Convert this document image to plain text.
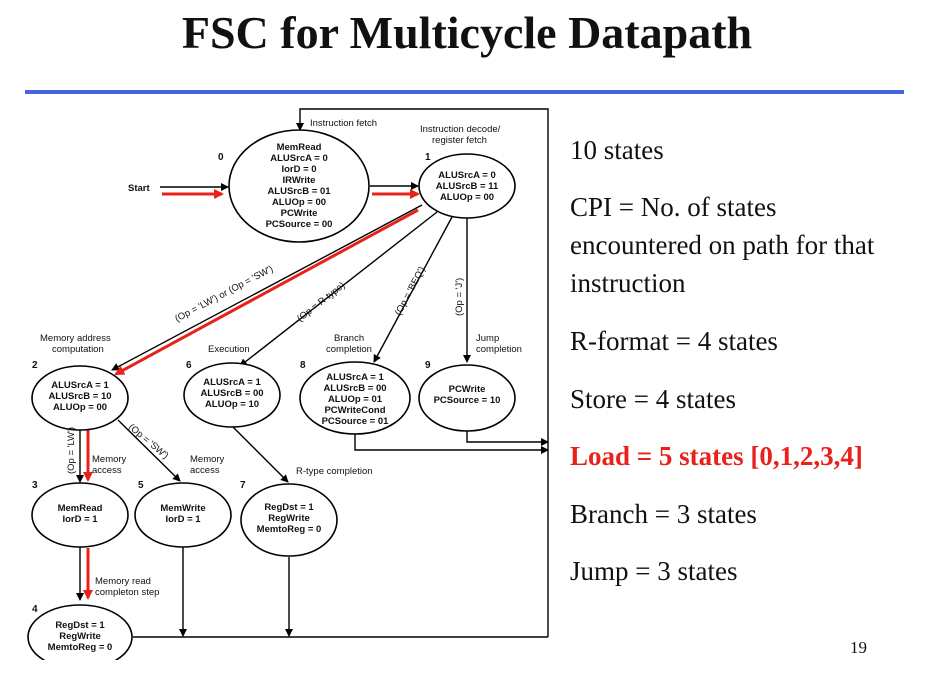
FSC for Multicycle Datapath
Start
0	1
2	6	8	9
3	5	7
4
Instruction fetch
Instruction decode/
register fetch
Memory address
computation	Execution
Branch
completion
Jump
completion
Memory
access
Memory
access	R-type completion
Memory read
completon step
(Op = 'LW') or (Op = 'SW') (Op = R-type)	(Op = 'BEQ')	(Op = 'J')
(Op = 'LW')	(Op = 'SW')
MemRead
ALUSrcA = 0
IorD = 0
IRWrite
ALUSrcB = 01
ALUOp = 00
PCWrite
PCSource = 00
ALUSrcA = 0
ALUSrcB = 11
ALUOp = 00
ALUSrcA = 1
ALUSrcB = 10
ALUOp = 00
ALUSrcA = 1
ALUSrcB = 00
ALUOp = 10
ALUSrcA = 1
ALUSrcB = 00
ALUOp = 01
PCWriteCond
PCSource = 01
PCWrite
PCSource = 10
MemRead
IorD = 1
MemWrite
IorD = 1
RegDst = 1
RegWrite
MemtoReg = 0
RegDst = 1
RegWrite
MemtoReg = 0
10 states
CPI = No. of states
encountered on path for that
instruction
R-format = 4 states
Store = 4 states
Load = 5 states [0,1,2,3,4]
Branch = 3 states
Jump = 3 states
19
